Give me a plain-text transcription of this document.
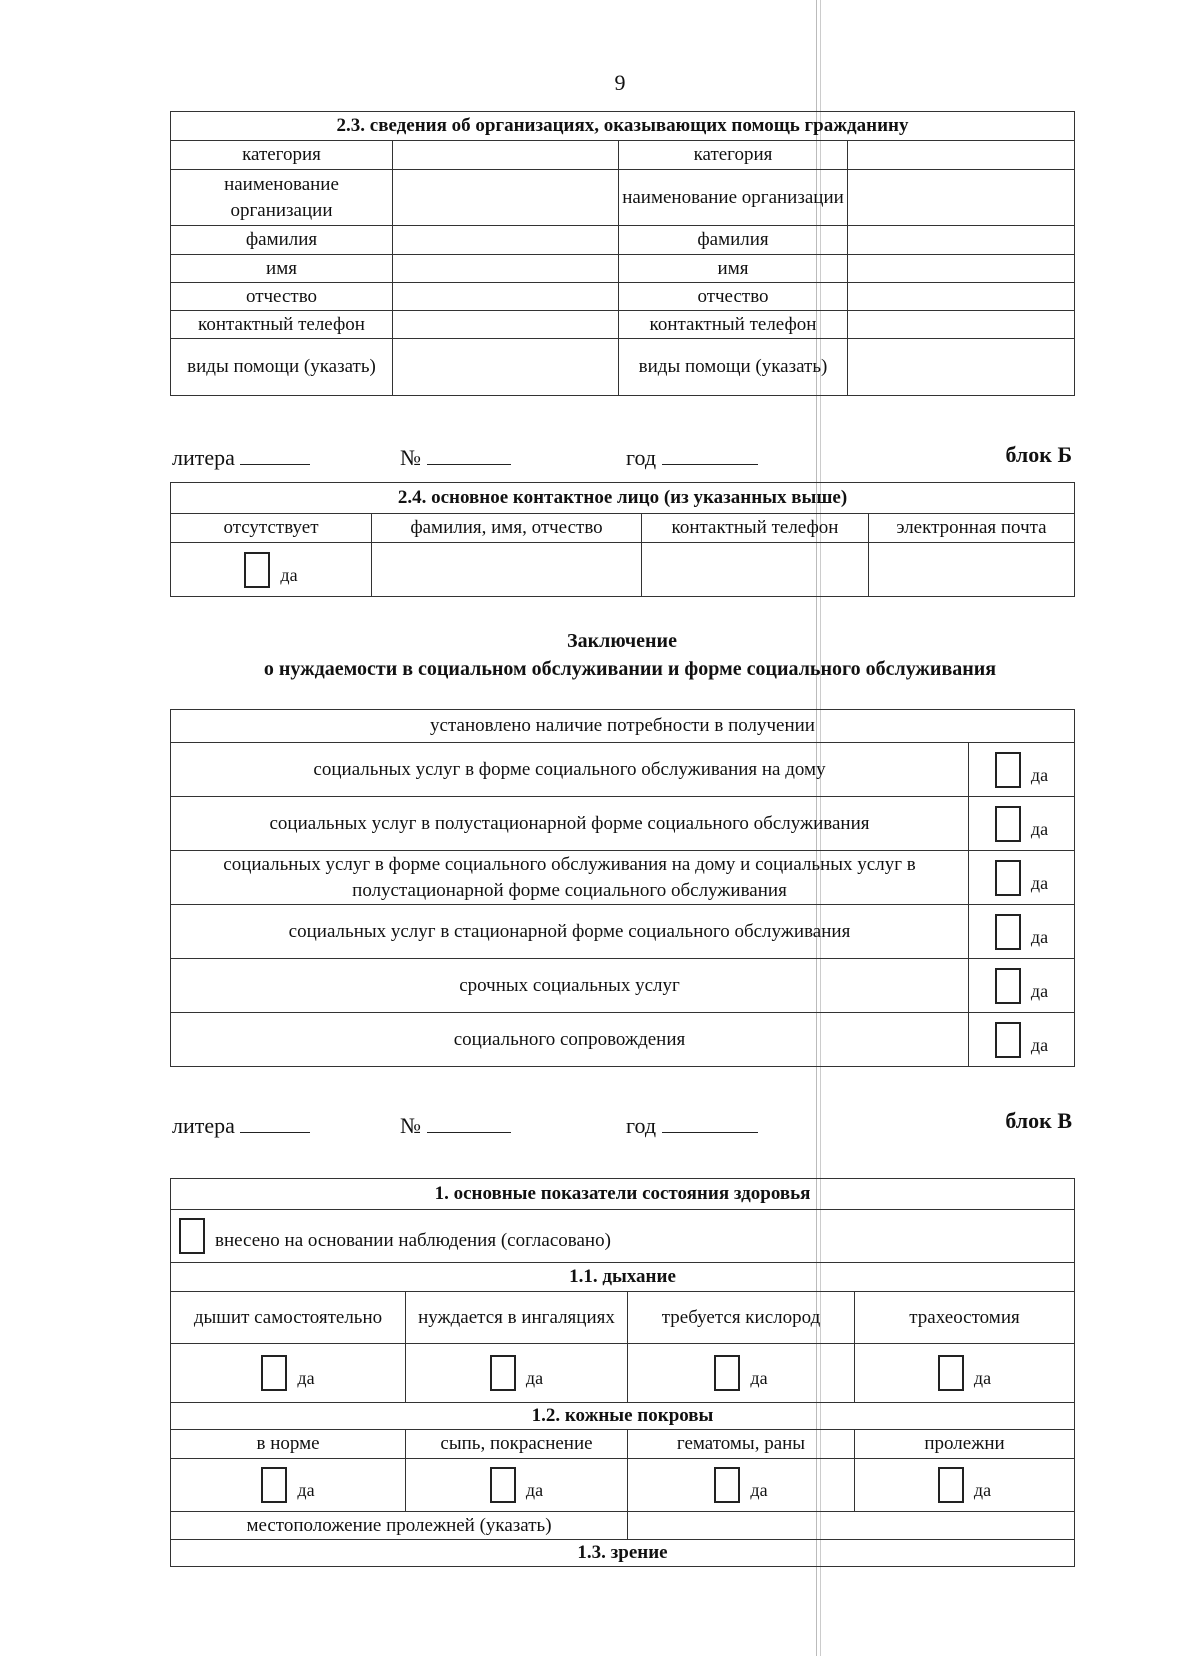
9
2.3. сведения об организациях, оказывающих помощь гражданину			
категория		категория	
наименование организации		наименование организации	
фамилия		фамилия	
имя		имя	
отчество		отчество	
контактный телефон		контактный телефон	
виды помощи (указать)		виды помощи (указать)	
литера	№	год	блок Б
2.4. основное контактное лицо (из указанных выше)			
отсутствует	фамилия, имя, отчество	контактный телефон	электронная почта
да			
Заключение
о нуждаемости в социальном обслуживании и форме социального обслуживания
установлено наличие потребности в получении	
социальных услуг в форме социального обслуживания на дому	да
социальных услуг в полустационарной форме социального обслуживания	да
социальных услуг в форме социального обслуживания на дому и социальных услуг в полустационарной форме социального обслуживания	да
социальных услуг в стационарной форме социального обслуживания	да
срочных социальных услуг	да
социального сопровождения	да
литера	№	год	блок В
1. основные показатели состояния здоровья			
внесено на основании наблюдения (согласовано)			
1.1. дыхание			
дышит самостоятельно	нуждается в ингаляциях	требуется кислород	трахеостомия
да	да	да	да
1.2. кожные покровы			
в норме	сыпь, покраснение	гематомы, раны	пролежни
да	да	да	да
местоположение пролежней (указать)			
1.3. зрение			
